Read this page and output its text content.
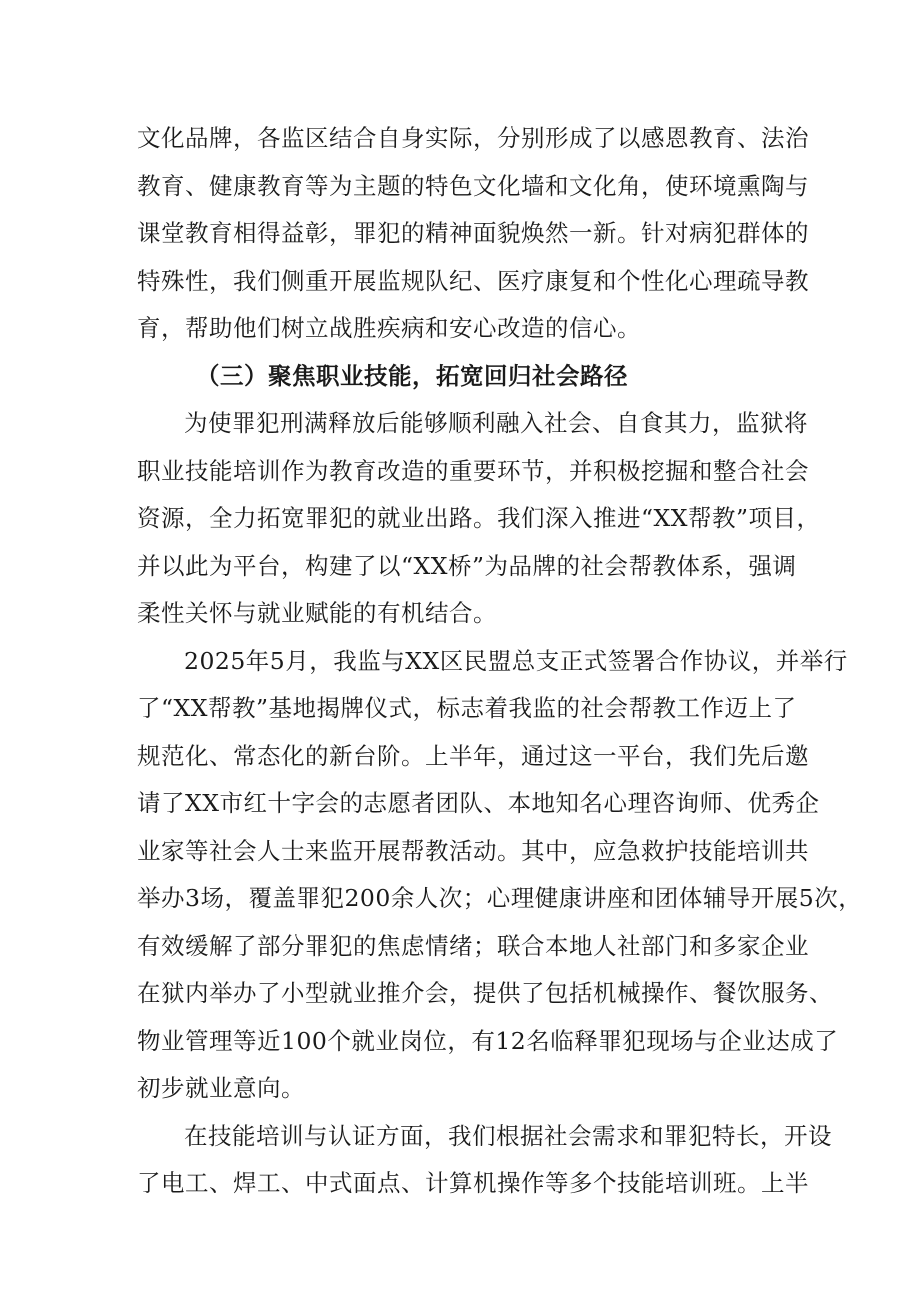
文化品牌，各监区结合自身实际，分别形成了以感恩教育、法治
教育、健康教育等为主题的特色文化墙和文化角，使环境熏陶与
课堂教育相得益彰，罪犯的精神面貌焕然一新。针对病犯群体的
特殊性，我们侧重开展监规队纪、医疗康复和个性化心理疏导教
育，帮助他们树立战胜疾病和安心改造的信心。
（三）聚焦职业技能，拓宽回归社会路径
为使罪犯刑满释放后能够顺利融入社会、自食其力，监狱将
职业技能培训作为教育改造的重要环节，并积极挖掘和整合社会
资源，全力拓宽罪犯的就业出路。我们深入推进“XX帮教”项目，
并以此为平台，构建了以“XX桥”为品牌的社会帮教体系，强调
柔性关怀与就业赋能的有机结合。
2025年5月，我监与XX区民盟总支正式签署合作协议，并举行
了“XX帮教”基地揭牌仪式，标志着我监的社会帮教工作迈上了
规范化、常态化的新台阶。上半年，通过这一平台，我们先后邀
请了XX市红十字会的志愿者团队、本地知名心理咨询师、优秀企
业家等社会人士来监开展帮教活动。其中，应急救护技能培训共
举办3场，覆盖罪犯200余人次；心理健康讲座和团体辅导开展5次，
有效缓解了部分罪犯的焦虑情绪；联合本地人社部门和多家企业
在狱内举办了小型就业推介会，提供了包括机械操作、餐饮服务、
物业管理等近100个就业岗位，有12名临释罪犯现场与企业达成了
初步就业意向。
在技能培训与认证方面，我们根据社会需求和罪犯特长，开设
了电工、焊工、中式面点、计算机操作等多个技能培训班。上半
